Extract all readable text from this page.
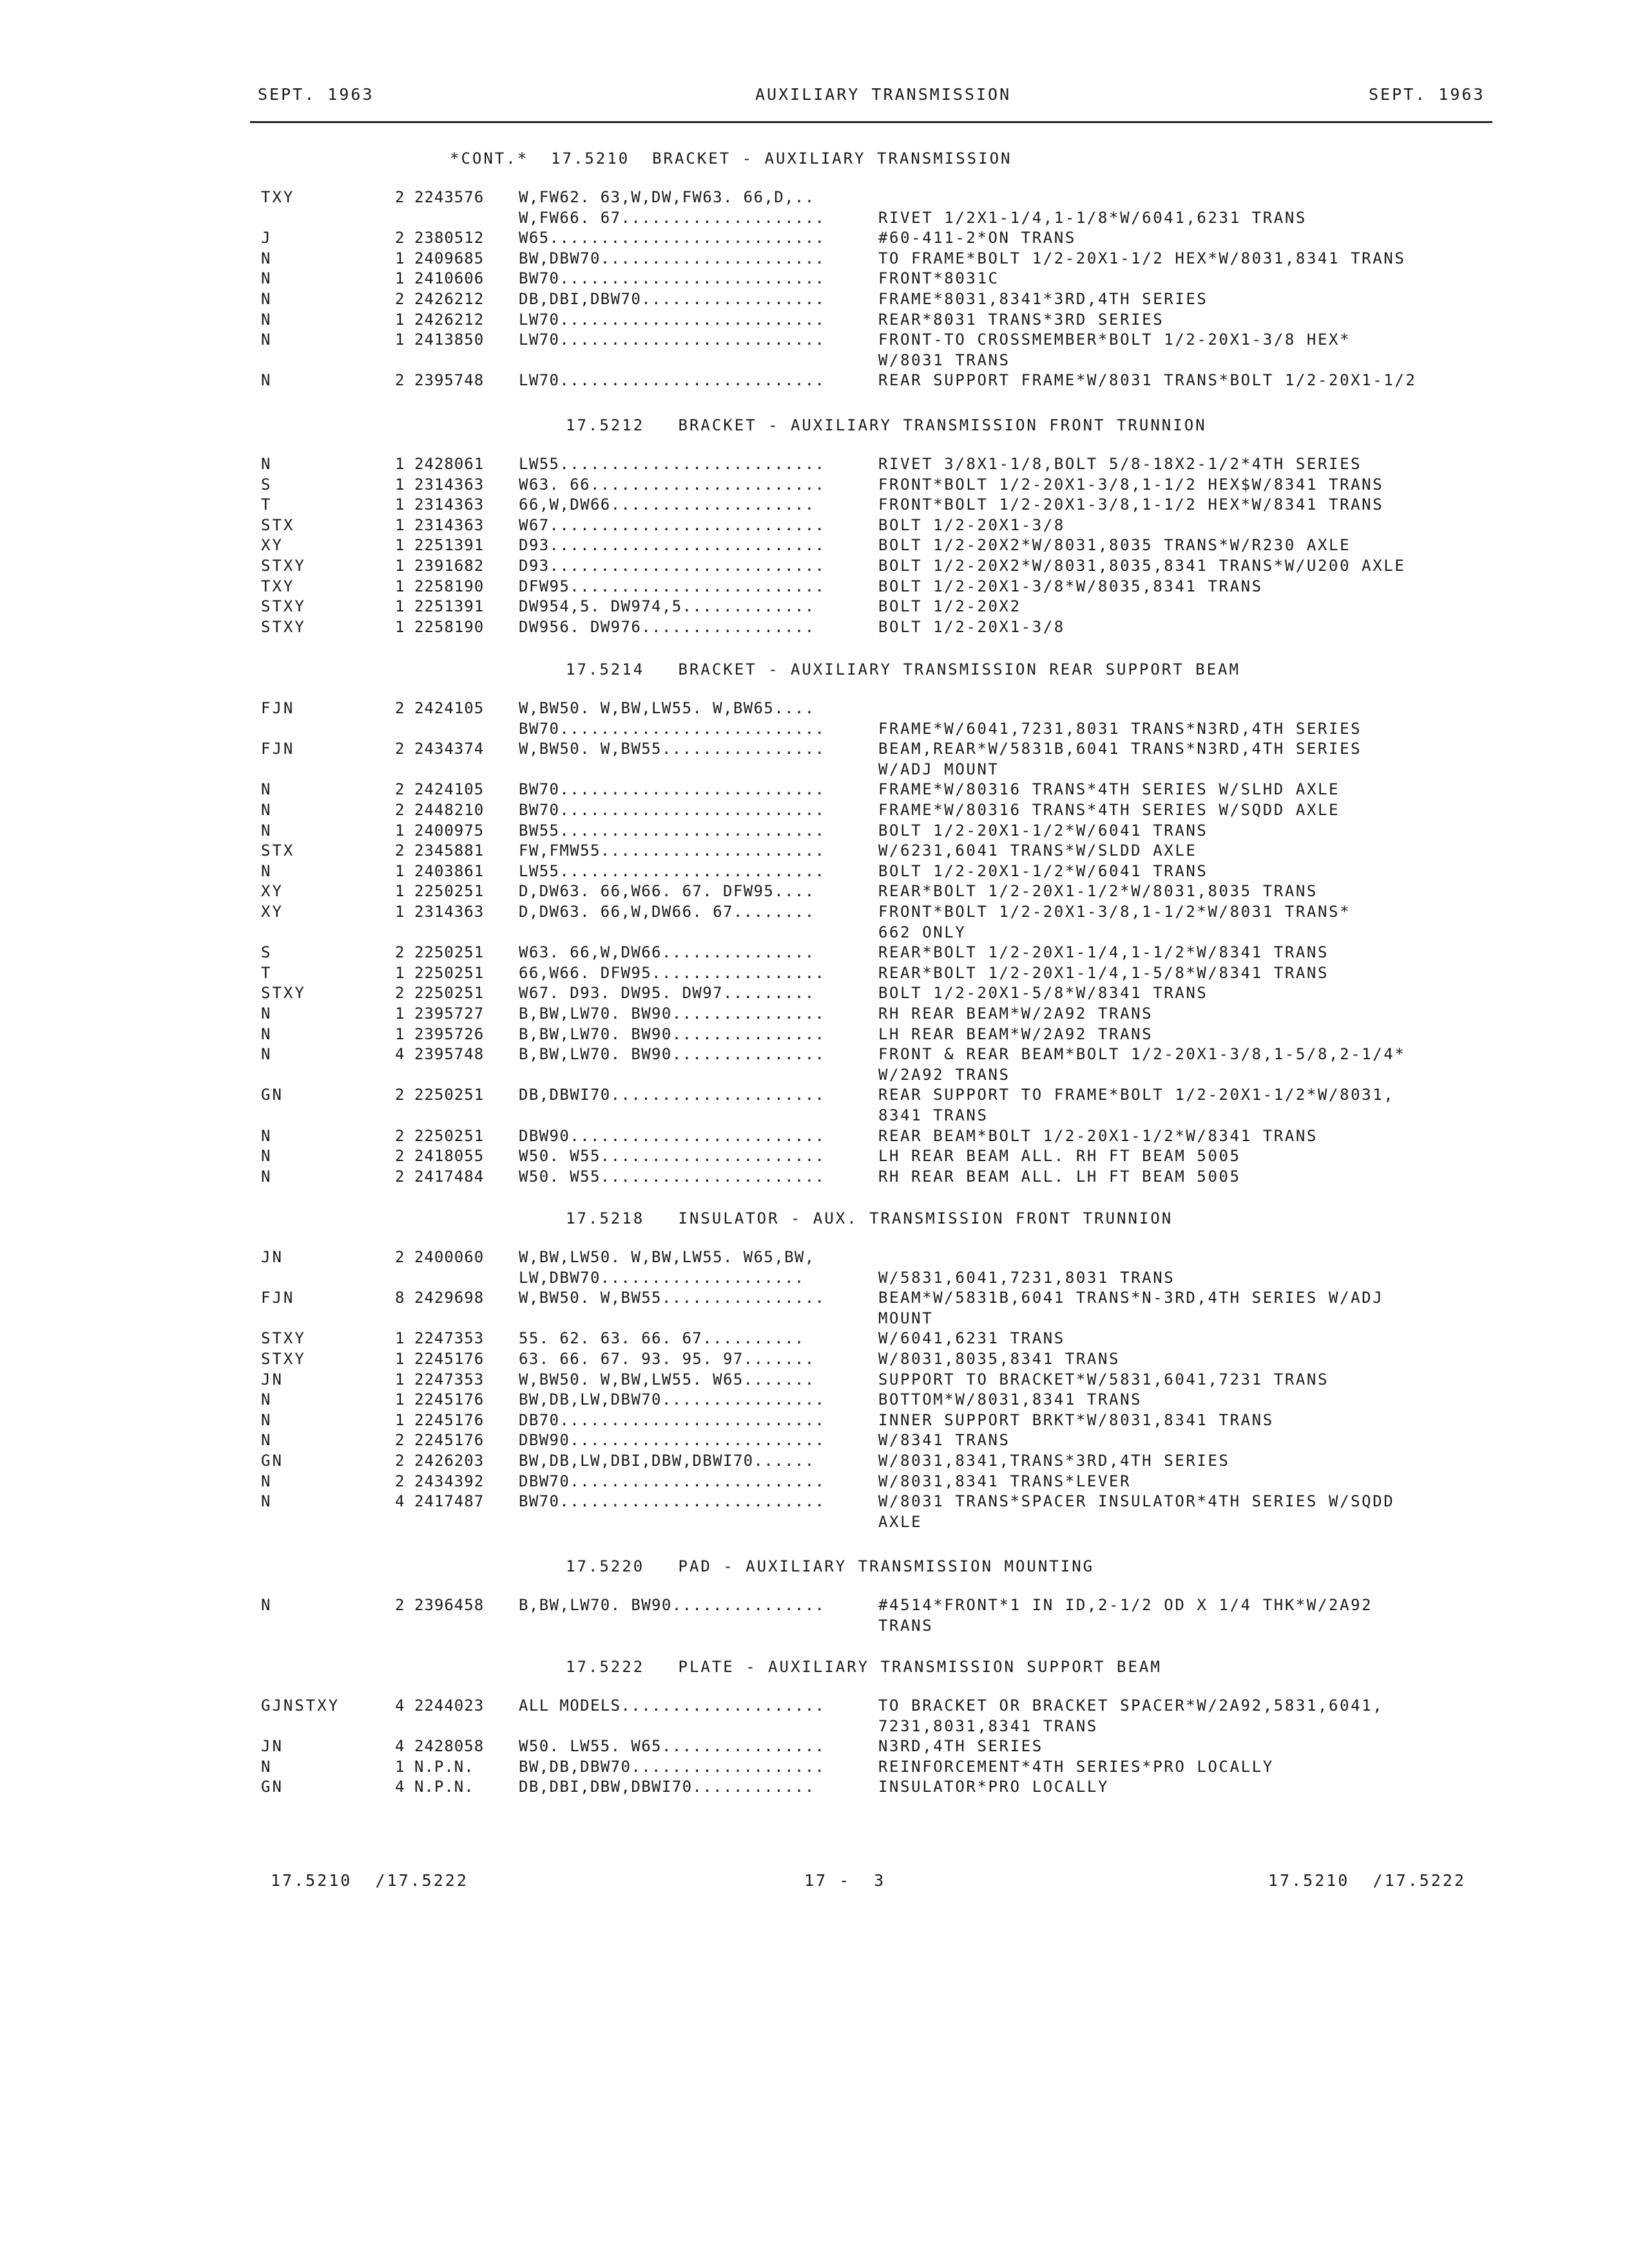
SEPT. 1963	AUXILIARY TRANSMISSION	SEPT. 1963
*CONT.*  17.5210  BRACKET - AUXILIARY TRANSMISSION
TXY	2 2243576 W,FW62. 63,W,DW,FW63. 66,D,..
W,FW66. 67....................	RIVET 1/2X1-1/4,1-1/8*W/6041,6231 TRANS
J	2 2380512 W65...........................	#60-411-2*ON TRANS
N	1 2409685 BW,DBW70......................	TO FRAME*BOLT 1/2-20X1-1/2 HEX*W/8031,8341 TRANS
N	1 2410606 BW70..........................	FRONT*8031C
N	2 2426212 DB,DBI,DBW70..................	FRAME*8031,8341*3RD,4TH SERIES
N	1 2426212 LW70..........................	REAR*8031 TRANS*3RD SERIES
N	1 2413850 LW70..........................	FRONT-TO CROSSMEMBER*BOLT 1/2-20X1-3/8 HEX*
W/8031 TRANS
N	2 2395748 LW70..........................	REAR SUPPORT FRAME*W/8031 TRANS*BOLT 1/2-20X1-1/2
17.5212   BRACKET - AUXILIARY TRANSMISSION FRONT TRUNNION
N	1 2428061 LW55..........................	RIVET 3/8X1-1/8,BOLT 5/8-18X2-1/2*4TH SERIES
S	1 2314363 W63. 66.......................	FRONT*BOLT 1/2-20X1-3/8,1-1/2 HEX$W/8341 TRANS
T	1 2314363 66,W,DW66....................	FRONT*BOLT 1/2-20X1-3/8,1-1/2 HEX*W/8341 TRANS
STX	1 2314363 W67...........................	BOLT 1/2-20X1-3/8
XY	1 2251391 D93...........................	BOLT 1/2-20X2*W/8031,8035 TRANS*W/R230 AXLE
STXY	1 2391682 D93...........................	BOLT 1/2-20X2*W/8031,8035,8341 TRANS*W/U200 AXLE
TXY	1 2258190 DFW95.........................	BOLT 1/2-20X1-3/8*W/8035,8341 TRANS
STXY	1 2251391 DW954,5. DW974,5.............	BOLT 1/2-20X2
STXY	1 2258190 DW956. DW976.................	BOLT 1/2-20X1-3/8
17.5214   BRACKET - AUXILIARY TRANSMISSION REAR SUPPORT BEAM
FJN	2 2424105 W,BW50. W,BW,LW55. W,BW65....
BW70..........................	FRAME*W/6041,7231,8031 TRANS*N3RD,4TH SERIES
FJN	2 2434374 W,BW50. W,BW55................	BEAM,REAR*W/5831B,6041 TRANS*N3RD,4TH SERIES
W/ADJ MOUNT
N	2 2424105 BW70..........................	FRAME*W/80316 TRANS*4TH SERIES W/SLHD AXLE
N	2 2448210 BW70..........................	FRAME*W/80316 TRANS*4TH SERIES W/SQDD AXLE
N	1 2400975 BW55..........................	BOLT 1/2-20X1-1/2*W/6041 TRANS
STX	2 2345881 FW,FMW55......................	W/6231,6041 TRANS*W/SLDD AXLE
N	1 2403861 LW55..........................	BOLT 1/2-20X1-1/2*W/6041 TRANS
XY	1 2250251 D,DW63. 66,W66. 67. DFW95....	REAR*BOLT 1/2-20X1-1/2*W/8031,8035 TRANS
XY	1 2314363 D,DW63. 66,W,DW66. 67........	FRONT*BOLT 1/2-20X1-3/8,1-1/2*W/8031 TRANS*
662 ONLY
S	2 2250251 W63. 66,W,DW66...............	REAR*BOLT 1/2-20X1-1/4,1-1/2*W/8341 TRANS
T	1 2250251 66,W66. DFW95.................	REAR*BOLT 1/2-20X1-1/4,1-5/8*W/8341 TRANS
STXY	2 2250251 W67. D93. DW95. DW97.........	BOLT 1/2-20X1-5/8*W/8341 TRANS
N	1 2395727 B,BW,LW70. BW90...............	RH REAR BEAM*W/2A92 TRANS
N	1 2395726 B,BW,LW70. BW90...............	LH REAR BEAM*W/2A92 TRANS
N	4 2395748 B,BW,LW70. BW90...............	FRONT & REAR BEAM*BOLT 1/2-20X1-3/8,1-5/8,2-1/4*
W/2A92 TRANS
GN	2 2250251 DB,DBWI70.....................	REAR SUPPORT TO FRAME*BOLT 1/2-20X1-1/2*W/8031,
8341 TRANS
N	2 2250251 DBW90.........................	REAR BEAM*BOLT 1/2-20X1-1/2*W/8341 TRANS
N	2 2418055 W50. W55......................	LH REAR BEAM ALL. RH FT BEAM 5005
N	2 2417484 W50. W55......................	RH REAR BEAM ALL. LH FT BEAM 5005
17.5218   INSULATOR - AUX. TRANSMISSION FRONT TRUNNION
JN	2 2400060 W,BW,LW50. W,BW,LW55. W65,BW,
LW,DBW70....................	W/5831,6041,7231,8031 TRANS
FJN	8 2429698 W,BW50. W,BW55................	BEAM*W/5831B,6041 TRANS*N-3RD,4TH SERIES W/ADJ
MOUNT
STXY	1 2247353 55. 62. 63. 66. 67..........	W/6041,6231 TRANS
STXY	1 2245176 63. 66. 67. 93. 95. 97.......	W/8031,8035,8341 TRANS
JN	1 2247353 W,BW50. W,BW,LW55. W65.......	SUPPORT TO BRACKET*W/5831,6041,7231 TRANS
N	1 2245176 BW,DB,LW,DBW70................	BOTTOM*W/8031,8341 TRANS
N	1 2245176 DB70..........................	INNER SUPPORT BRKT*W/8031,8341 TRANS
N	2 2245176 DBW90.........................	W/8341 TRANS
GN	2 2426203 BW,DB,LW,DBI,DBW,DBWI70......	W/8031,8341,TRANS*3RD,4TH SERIES
N	2 2434392 DBW70.........................	W/8031,8341 TRANS*LEVER
N	4 2417487 BW70..........................	W/8031 TRANS*SPACER INSULATOR*4TH SERIES W/SQDD
AXLE
17.5220   PAD - AUXILIARY TRANSMISSION MOUNTING
N	2 2396458 B,BW,LW70. BW90...............	#4514*FRONT*1 IN ID,2-1/2 OD X 1/4 THK*W/2A92
TRANS
17.5222   PLATE - AUXILIARY TRANSMISSION SUPPORT BEAM
GJNSTXY	4 2244023 ALL MODELS....................	TO BRACKET OR BRACKET SPACER*W/2A92,5831,6041,
7231,8031,8341 TRANS
JN	4 2428058 W50. LW55. W65................	N3RD,4TH SERIES
N	1 N.P.N.	BW,DB,DBW70...................	REINFORCEMENT*4TH SERIES*PRO LOCALLY
GN	4 N.P.N.	DB,DBI,DBW,DBWI70............	INSULATOR*PRO LOCALLY
17.5210  /17.5222	17 -  3	17.5210  /17.5222
